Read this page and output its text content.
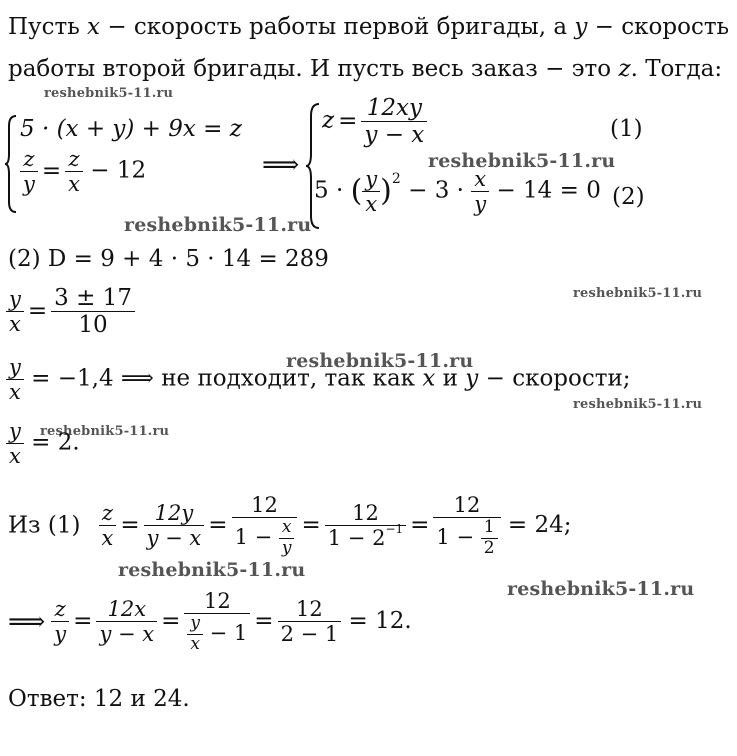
reshebnik5-11.ru
reshebnik5-11.ru
reshebnik5-11.ru
reshebnik5-11.ru
reshebnik5-11.ru
reshebnik5-11.ru
reshebnik5-11.ru
reshebnik5-11.ru
reshebnik5-11.ru
Пусть x − скорость работы первой бригады, а y − скорость
работы второй бригады. И пусть весь заказ − это z. Тогда:
5 · (x + y) + 9x = z
$\frac{z}{y} = \frac{z}{x} - 12$	⟹
$z = \frac{12xy}{y - x}$	(1)
5 · ( $\frac{y}{x} )^2 - 3 \cdot \frac{x}{y} - 14 = 0$ (2)
(2) D = 9 + 4 · 5 · 14 = 289
$\frac{y}{x} = \frac{3 \pm 17}{10}$
$\frac{y}{x} = -1,4$ ⟹ не подходит, так как x и y − скорости;
$\frac{y}{x} = 2$.
Из $(1) \frac{z}{x} = \frac{12y}{y - x} = \frac{12}{1 - \frac{x}{y}} = \frac{12}{1 - 2^{-1}} = \frac{12}{1 - \frac{1}{2}} = 24$;
⟹ $\frac{z}{y} = \frac{12x}{y - x} = \frac{12}{\frac{y}{x} - 1} = \frac{12}{2 - 1} = 12$.
Ответ: 12 и 24.
